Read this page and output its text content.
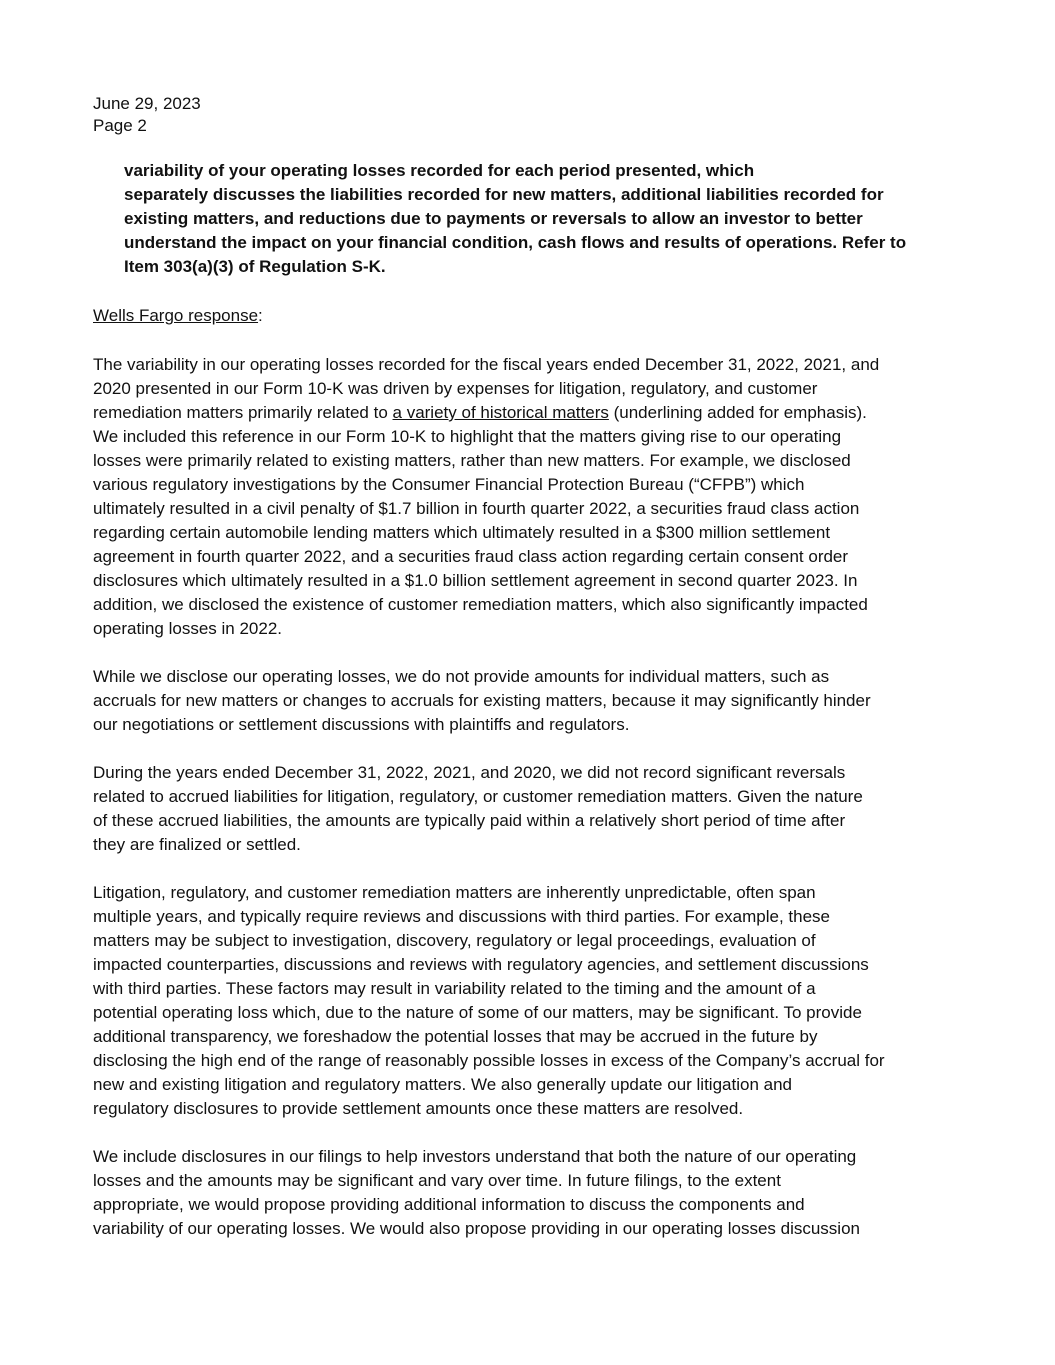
June 29, 2023
Page 2
variability of your operating losses recorded for each period presented, which
separately discusses the liabilities recorded for new matters, additional liabilities recorded for
existing matters, and reductions due to payments or reversals to allow an investor to better
understand the impact on your financial condition, cash flows and results of operations. Refer to
Item 303(a)(3) of Regulation S-K.
Wells Fargo response:
The variability in our operating losses recorded for the fiscal years ended December 31, 2022, 2021, and
2020 presented in our Form 10-K was driven by expenses for litigation, regulatory, and customer
remediation matters primarily related to a variety of historical matters (underlining added for emphasis).
We included this reference in our Form 10-K to highlight that the matters giving rise to our operating
losses were primarily related to existing matters, rather than new matters. For example, we disclosed
various regulatory investigations by the Consumer Financial Protection Bureau (“CFPB”) which
ultimately resulted in a civil penalty of $1.7 billion in fourth quarter 2022, a securities fraud class action
regarding certain automobile lending matters which ultimately resulted in a $300 million settlement
agreement in fourth quarter 2022, and a securities fraud class action regarding certain consent order
disclosures which ultimately resulted in a $1.0 billion settlement agreement in second quarter 2023. In
addition, we disclosed the existence of customer remediation matters, which also significantly impacted
operating losses in 2022.
While we disclose our operating losses, we do not provide amounts for individual matters, such as
accruals for new matters or changes to accruals for existing matters, because it may significantly hinder
our negotiations or settlement discussions with plaintiffs and regulators.
During the years ended December 31, 2022, 2021, and 2020, we did not record significant reversals
related to accrued liabilities for litigation, regulatory, or customer remediation matters. Given the nature
of these accrued liabilities, the amounts are typically paid within a relatively short period of time after
they are finalized or settled.
Litigation, regulatory, and customer remediation matters are inherently unpredictable, often span
multiple years, and typically require reviews and discussions with third parties. For example, these
matters may be subject to investigation, discovery, regulatory or legal proceedings, evaluation of
impacted counterparties, discussions and reviews with regulatory agencies, and settlement discussions
with third parties. These factors may result in variability related to the timing and the amount of a
potential operating loss which, due to the nature of some of our matters, may be significant. To provide
additional transparency, we foreshadow the potential losses that may be accrued in the future by
disclosing the high end of the range of reasonably possible losses in excess of the Company’s accrual for
new and existing litigation and regulatory matters. We also generally update our litigation and
regulatory disclosures to provide settlement amounts once these matters are resolved.
We include disclosures in our filings to help investors understand that both the nature of our operating
losses and the amounts may be significant and vary over time. In future filings, to the extent
appropriate, we would propose providing additional information to discuss the components and
variability of our operating losses. We would also propose providing in our operating losses discussion
